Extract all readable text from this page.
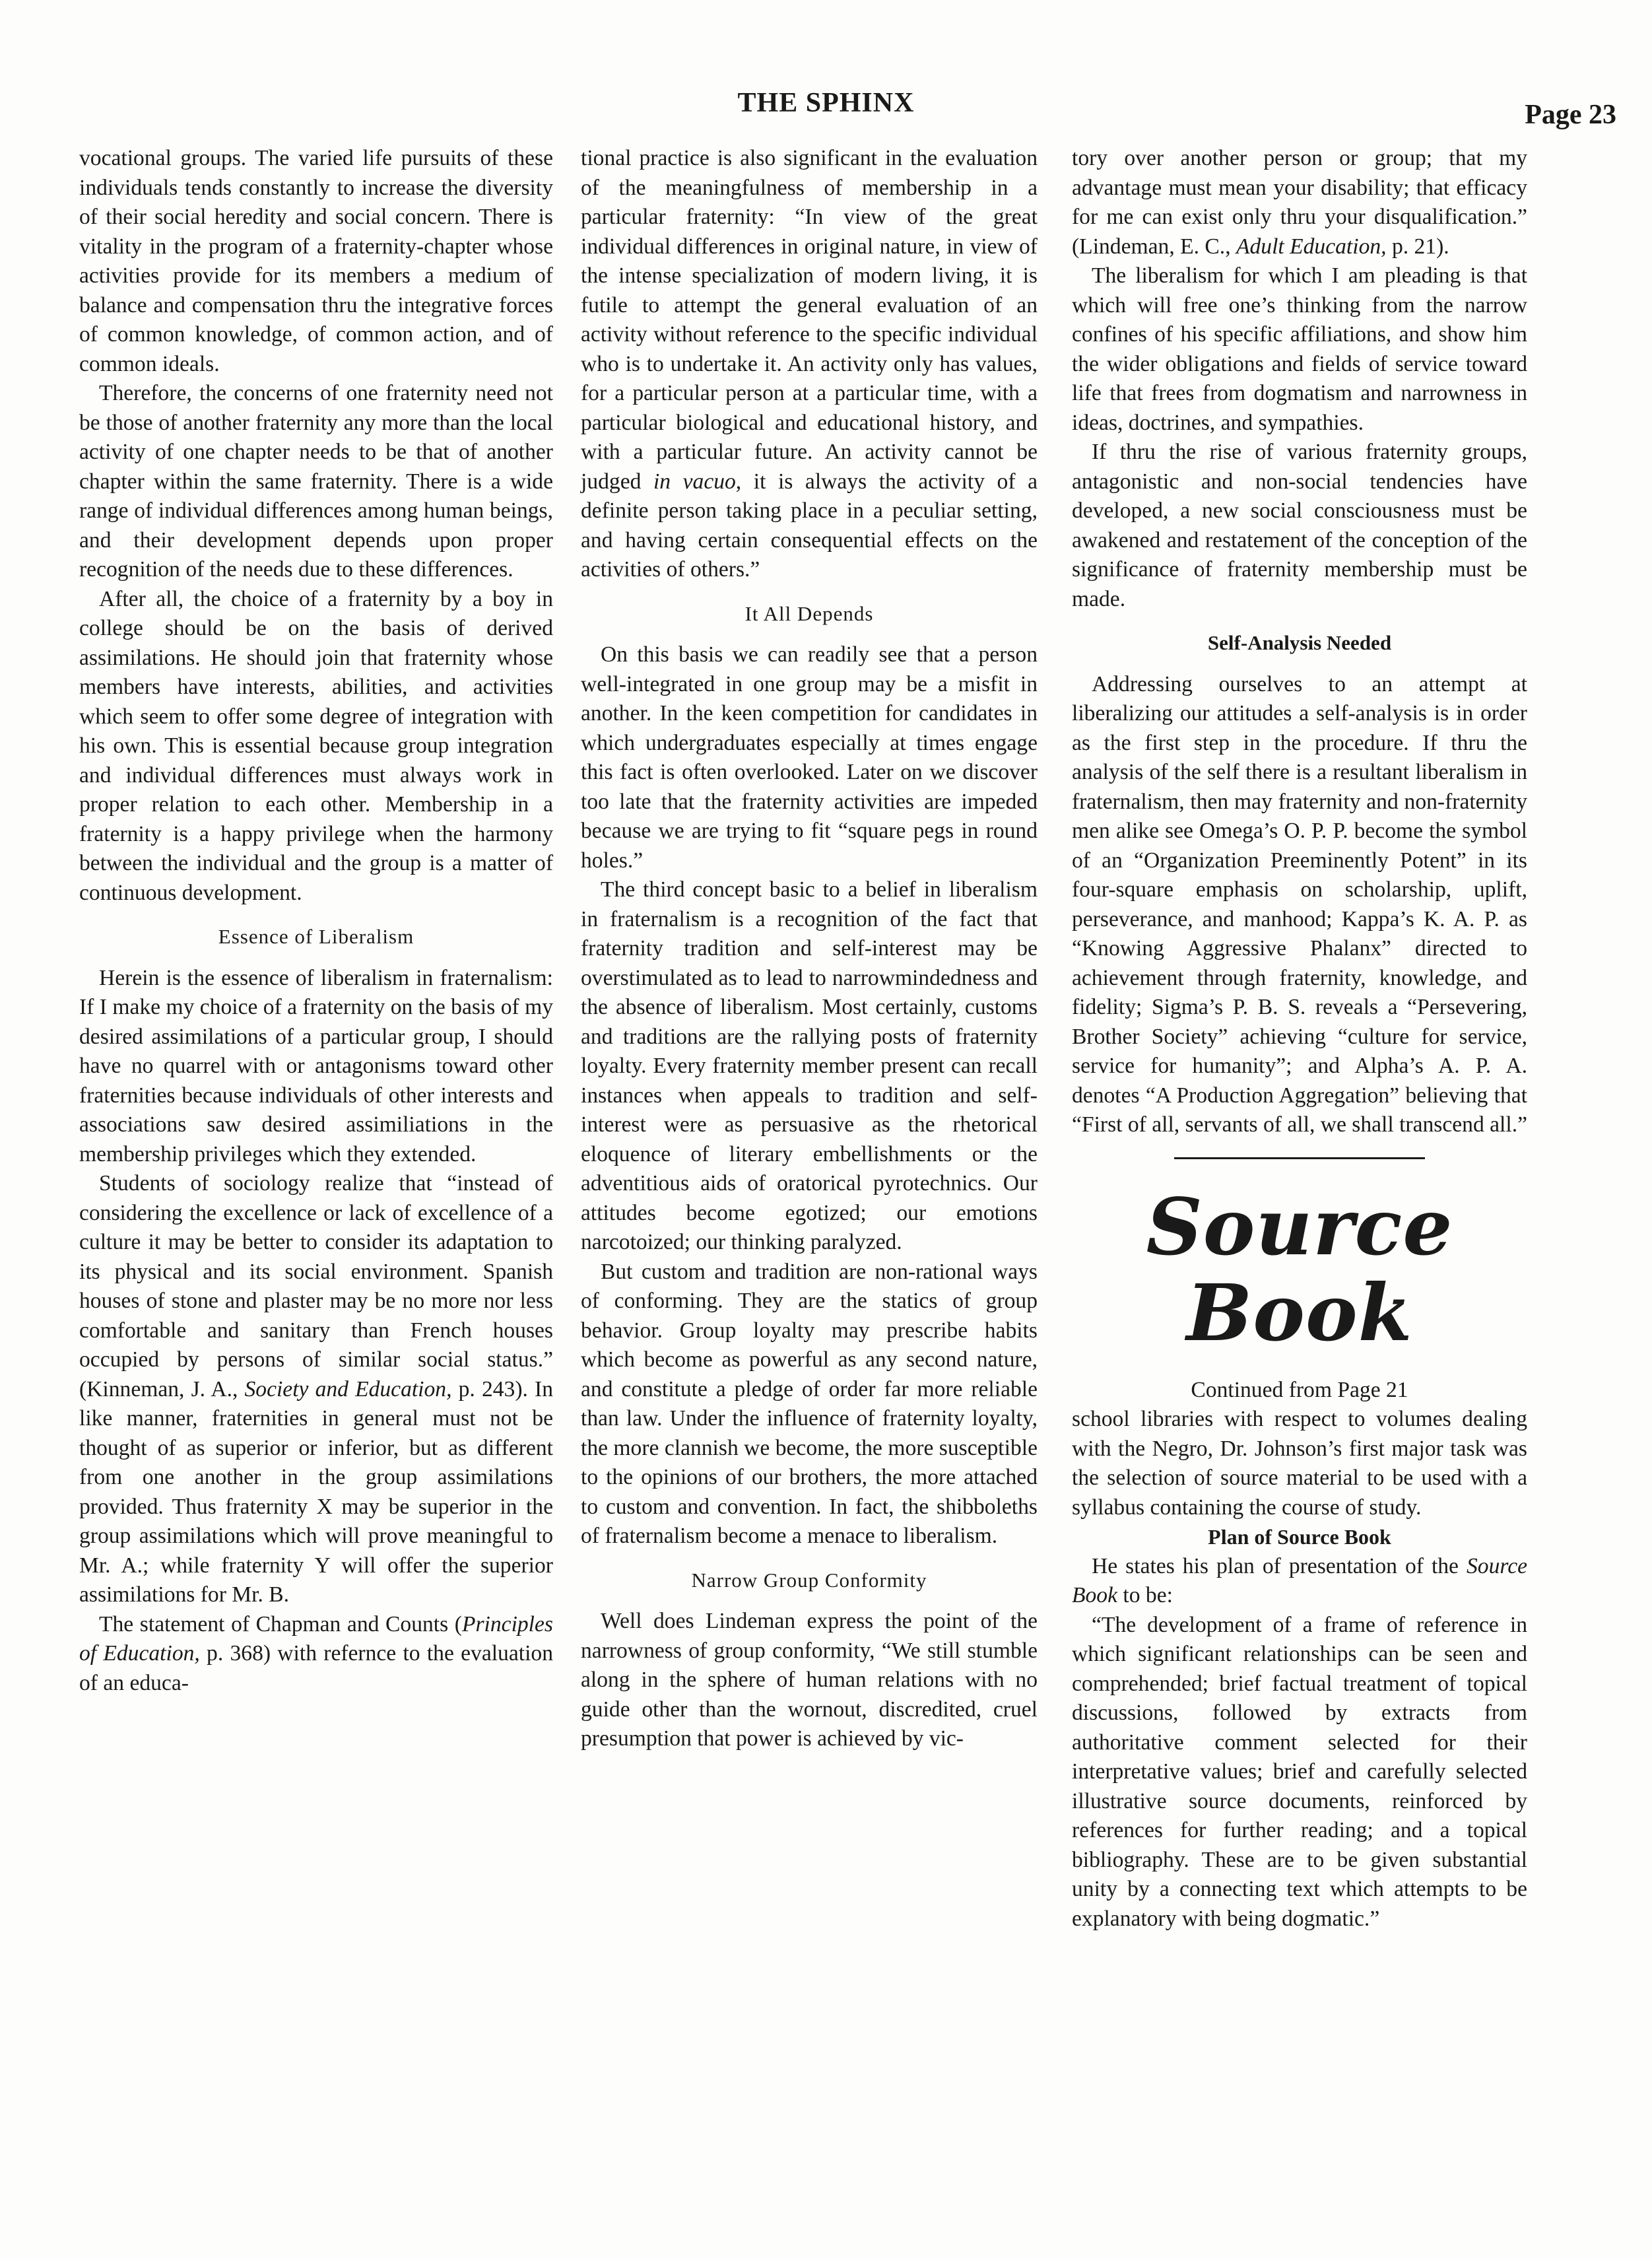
THE SPHINX	Page 23

vocational groups. The varied life pursuits of these individuals tends constantly to increase the diversity of their social heredity and social concern. There is vitality in the program of a fraternity-chapter whose activities provide for its members a medium of balance and compensation thru the integrative forces of common knowledge, of common action, and of common ideals.

Therefore, the concerns of one fraternity need not be those of another fraternity any more than the local activity of one chapter needs to be that of another chapter within the same fraternity. There is a wide range of individual differences among human beings, and their development depends upon proper recognition of the needs due to these differences.

After all, the choice of a fraternity by a boy in college should be on the basis of derived assimilations. He should join that fraternity whose members have interests, abilities, and activities which seem to offer some degree of integration with his own. This is essential because group integration and individual differences must always work in proper relation to each other. Membership in a fraternity is a happy privilege when the harmony between the individual and the group is a matter of continuous development.

Essence of Liberalism

Herein is the essence of liberalism in fraternalism: If I make my choice of a fraternity on the basis of my desired assimilations of a particular group, I should have no quarrel with or antagonisms toward other fraternities because individuals of other interests and associations saw desired assimiliations in the membership privileges which they extended.

Students of sociology realize that “instead of considering the excellence or lack of excellence of a culture it may be better to consider its adaptation to its physical and its social environment. Spanish houses of stone and plaster may be no more nor less comfortable and sanitary than French houses occupied by persons of similar social status.” (Kinneman, J. A., Society and Education, p. 243). In like manner, fraternities in general must not be thought of as superior or inferior, but as different from one another in the group assimilations provided. Thus fraternity X may be superior in the group assimilations which will prove meaningful to Mr. A.; while fraternity Y will offer the superior assimilations for Mr. B.

The statement of Chapman and Counts (Principles of Education, p. 368) with refernce to the evaluation of an educa-

tional practice is also significant in the evaluation of the meaningfulness of membership in a particular fraternity: “In view of the great individual differences in original nature, in view of the intense specialization of modern living, it is futile to attempt the general evaluation of an activity without reference to the specific individual who is to undertake it. An activity only has values, for a particular person at a particular time, with a particular biological and educational history, and with a particular future. An activity cannot be judged in vacuo, it is always the activity of a definite person taking place in a peculiar setting, and having certain consequential effects on the activities of others.”

It All Depends

On this basis we can readily see that a person well-integrated in one group may be a misfit in another. In the keen competition for candidates in which undergraduates especially at times engage this fact is often overlooked. Later on we discover too late that the fraternity activities are impeded because we are trying to fit “square pegs in round holes.”

The third concept basic to a belief in liberalism in fraternalism is a recognition of the fact that fraternity tradition and self-interest may be overstimulated as to lead to narrowmindedness and the absence of liberalism. Most certainly, customs and traditions are the rallying posts of fraternity loyalty. Every fraternity member present can recall instances when appeals to tradition and self-interest were as persuasive as the rhetorical eloquence of literary embellishments or the adventitious aids of oratorical pyrotechnics. Our attitudes become egotized; our emotions narcotoized; our thinking paralyzed.

But custom and tradition are non-rational ways of conforming. They are the statics of group behavior. Group loyalty may prescribe habits which become as powerful as any second nature, and constitute a pledge of order far more reliable than law. Under the influence of fraternity loyalty, the more clannish we become, the more susceptible to the opinions of our brothers, the more attached to custom and convention. In fact, the shibboleths of fraternalism become a menace to liberalism.

Narrow Group Conformity

Well does Lindeman express the point of the narrowness of group conformity, “We still stumble along in the sphere of human relations with no guide other than the wornout, discredited, cruel presumption that power is achieved by vic-

tory over another person or group; that my advantage must mean your disability; that efficacy for me can exist only thru your disqualification.” (Lindeman, E. C., Adult Education, p. 21).

The liberalism for which I am pleading is that which will free one’s thinking from the narrow confines of his specific affiliations, and show him the wider obligations and fields of service toward life that frees from dogmatism and narrowness in ideas, doctrines, and sympathies.

If thru the rise of various fraternity groups, antagonistic and non-social tendencies have developed, a new social consciousness must be awakened and restatement of the conception of the significance of fraternity membership must be made.

Self-Analysis Needed

Addressing ourselves to an attempt at liberalizing our attitudes a self-analysis is in order as the first step in the procedure. If thru the analysis of the self there is a resultant liberalism in fraternalism, then may fraternity and non-fraternity men alike see Omega’s O. P. P. become the symbol of an “Organization Preeminently Potent” in its four-square emphasis on scholarship, uplift, perseverance, and manhood; Kappa’s K. A. P. as “Knowing Aggressive Phalanx” directed to achievement through fraternity, knowledge, and fidelity; Sigma’s P. B. S. reveals a “Persevering, Brother Society” achieving “culture for service, service for humanity”; and Alpha’s A. P. A. denotes “A Production Aggregation” believing that “First of all, servants of all, we shall transcend all.”

Source Book

Continued from Page 21

school libraries with respect to volumes dealing with the Negro, Dr. Johnson’s first major task was the selection of source material to be used with a syllabus containing the course of study.

Plan of Source Book

He states his plan of presentation of the Source Book to be:

“The development of a frame of reference in which significant relationships can be seen and comprehended; brief factual treatment of topical discussions, followed by extracts from authoritative comment selected for their interpretative values; brief and carefully selected illustrative source documents, reinforced by references for further reading; and a topical bibliography. These are to be given substantial unity by a connecting text which attempts to be explanatory with being dogmatic.”
